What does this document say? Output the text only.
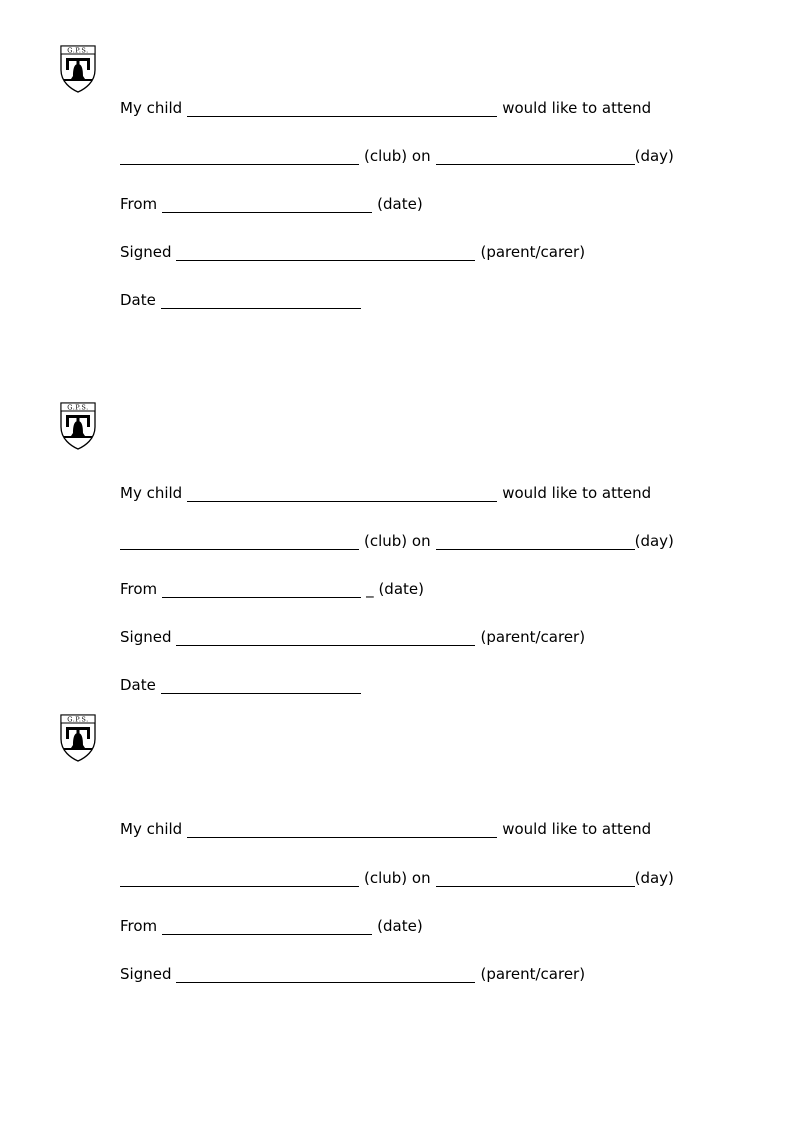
G.P.S.
My child	would like to attend
(club) on	(day)
From	(date)
Signed	(parent/carer)
Date
G.P.S.
My child	would like to attend
(club) on	(day)
From	_ (date)
Signed	(parent/carer)
Date
G.P.S.
My child	would like to attend
(club) on	(day)
From	(date)
Signed	(parent/carer)
